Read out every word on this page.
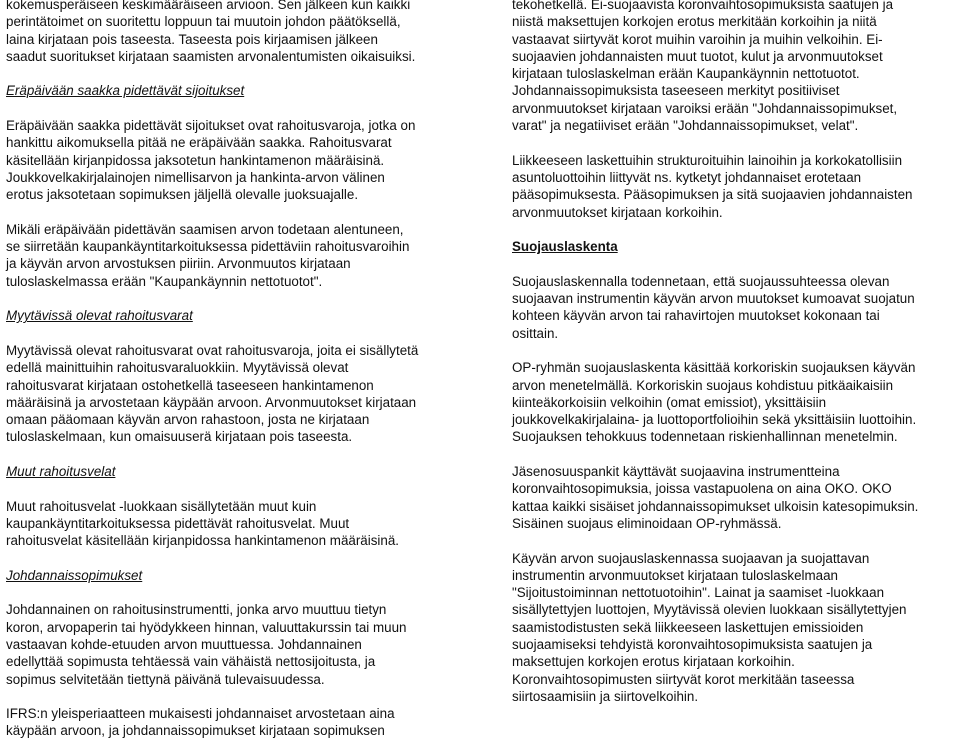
kokemusperäiseen keskimääräiseen arvioon. Sen jälkeen kun kaikki

perintätoimet on suoritettu loppuun tai muutoin johdon päätöksellä,

laina kirjataan pois taseesta. Taseesta pois kirjaamisen jälkeen

saadut suoritukset kirjataan saamisten arvonalentumisten oikaisuiksi.

Eräpäivään saakka pidettävät sijoitukset

Eräpäivään saakka pidettävät sijoitukset ovat rahoitusvaroja, jotka on

hankittu aikomuksella pitää ne eräpäivään saakka. Rahoitusvarat

käsitellään kirjanpidossa jaksotetun hankintamenon määräisinä.

Joukkovelkakirjalainojen nimellisarvon ja hankinta-arvon välinen

erotus jaksotetaan sopimuksen jäljellä olevalle juoksuajalle.

Mikäli eräpäivään pidettävän saamisen arvon todetaan alentuneen,

se siirretään kaupankäyntitarkoituksessa pidettäviin rahoitusvaroihin

ja käyvän arvon arvostuksen piiriin. Arvonmuutos kirjataan

tuloslaskelmassa erään "Kaupankäynnin nettotuotot".

Myytävissä olevat rahoitusvarat

Myytävissä olevat rahoitusvarat ovat rahoitusvaroja, joita ei sisällytetä

edellä mainittuihin rahoitusvaraluokkiin. Myytävissä olevat

rahoitusvarat kirjataan ostohetkellä taseeseen hankintamenon

määräisinä ja arvostetaan käypään arvoon. Arvonmuutokset kirjataan

omaan pääomaan käyvän arvon rahastoon, josta ne kirjataan

tuloslaskelmaan, kun omaisuuserä kirjataan pois taseesta.

Muut rahoitusvelat

Muut rahoitusvelat -luokkaan sisällytetään muut kuin

kaupankäyntitarkoituksessa pidettävät rahoitusvelat. Muut

rahoitusvelat käsitellään kirjanpidossa hankintamenon määräisinä.

Johdannaissopimukset

Johdannainen on rahoitusinstrumentti, jonka arvo muuttuu tietyn

koron, arvopaperin tai hyödykkeen hinnan, valuuttakurssin tai muun

vastaavan kohde-etuuden arvon muuttuessa. Johdannainen

edellyttää sopimusta tehtäessä vain vähäistä nettosijoitusta, ja

sopimus selvitetään tiettynä päivänä tulevaisuudessa.

IFRS:n yleisperiaatteen mukaisesti johdannaiset arvostetaan aina

käypään arvoon, ja johdannaissopimukset kirjataan sopimuksen

tekohetkellä. Ei-suojaavista koronvaihtosopimuksista saatujen ja

niistä maksettujen korkojen erotus merkitään korkoihin ja niitä

vastaavat siirtyvät korot muihin varoihin ja muihin velkoihin. Ei-

suojaavien johdannaisten muut tuotot, kulut ja arvonmuutokset

kirjataan tuloslaskelman erään Kaupankäynnin nettotuotot.

Johdannaissopimuksista taseeseen merkityt positiiviset

arvonmuutokset kirjataan varoiksi erään "Johdannaissopimukset,

varat" ja negatiiviset erään "Johdannaissopimukset, velat".

Liikkeeseen laskettuihin strukturoituihin lainoihin ja korkokatollisiin

asuntoluottoihin liittyvät ns. kytketyt johdannaiset erotetaan

pääsopimuksesta. Pääsopimuksen ja sitä suojaavien johdannaisten

arvonmuutokset kirjataan korkoihin.

Suojauslaskenta

Suojauslaskennalla todennetaan, että suojaussuhteessa olevan

suojaavan instrumentin käyvän arvon muutokset kumoavat suojatun

kohteen käyvän arvon tai rahavirtojen muutokset kokonaan tai

osittain.

OP-ryhmän suojauslaskenta käsittää korkoriskin suojauksen käyvän

arvon menetelmällä. Korkoriskin suojaus kohdistuu pitkäaikaisiin

kiinteäkorkoisiin velkoihin (omat emissiot), yksittäisiin

joukkovelkakirjalaina- ja luottoportfolioihin sekä yksittäisiin luottoihin.

Suojauksen tehokkuus todennetaan riskienhallinnan menetelmin.

Jäsenosuuspankit käyttävät suojaavina instrumentteina

koronvaihtosopimuksia, joissa vastapuolena on aina OKO. OKO

kattaa kaikki sisäiset johdannaissopimukset ulkoisin katesopimuksin.

Sisäinen suojaus eliminoidaan OP-ryhmässä.

Käyvän arvon suojauslaskennassa suojaavan ja suojattavan

instrumentin arvonmuutokset kirjataan tuloslaskelmaan

"Sijoitustoiminnan nettotuotoihin". Lainat ja saamiset -luokkaan

sisällytettyjen luottojen, Myytävissä olevien luokkaan sisällytettyjen

saamistodistusten sekä liikkeeseen laskettujen emissioiden

suojaamiseksi tehdyistä koronvaihtosopimuksista saatujen ja

maksettujen korkojen erotus kirjataan korkoihin.

Koronvaihtosopimusten siirtyvät korot merkitään taseessa

siirtosaamisiin ja siirtovelkoihin.
